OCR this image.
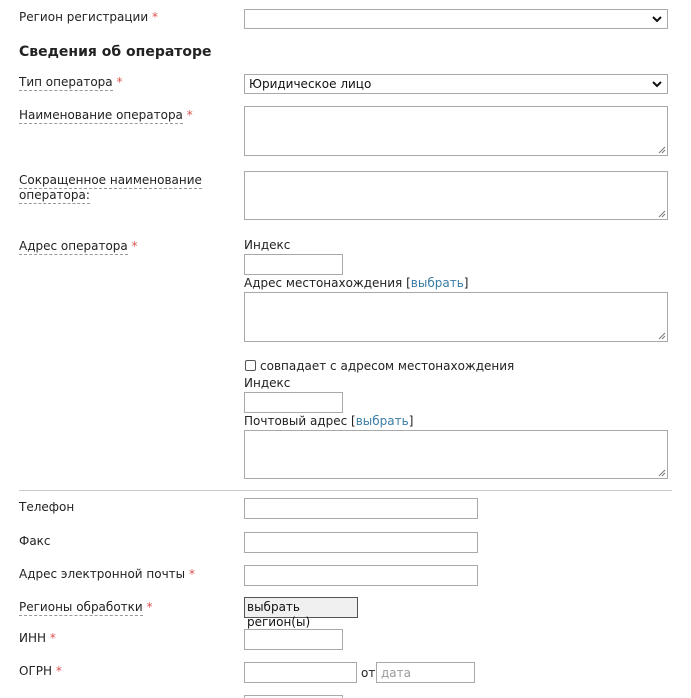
Регион регистрации *
Сведения об операторе
Тип оператора *	Юридическое лицо
Наименование оператора *
Сокращенное наименование
оператора:
Адрес оператора *	Индекс
Адрес местонахождения [выбрать]
совпадает с адресом местонахождения
Индекс
Почтовый адрес [выбрать]
Телефон
Факс
Адрес электронной почты *
Регионы обработки *	выбрать регион(ы)
ИНН *
ОГРН *	от дата
